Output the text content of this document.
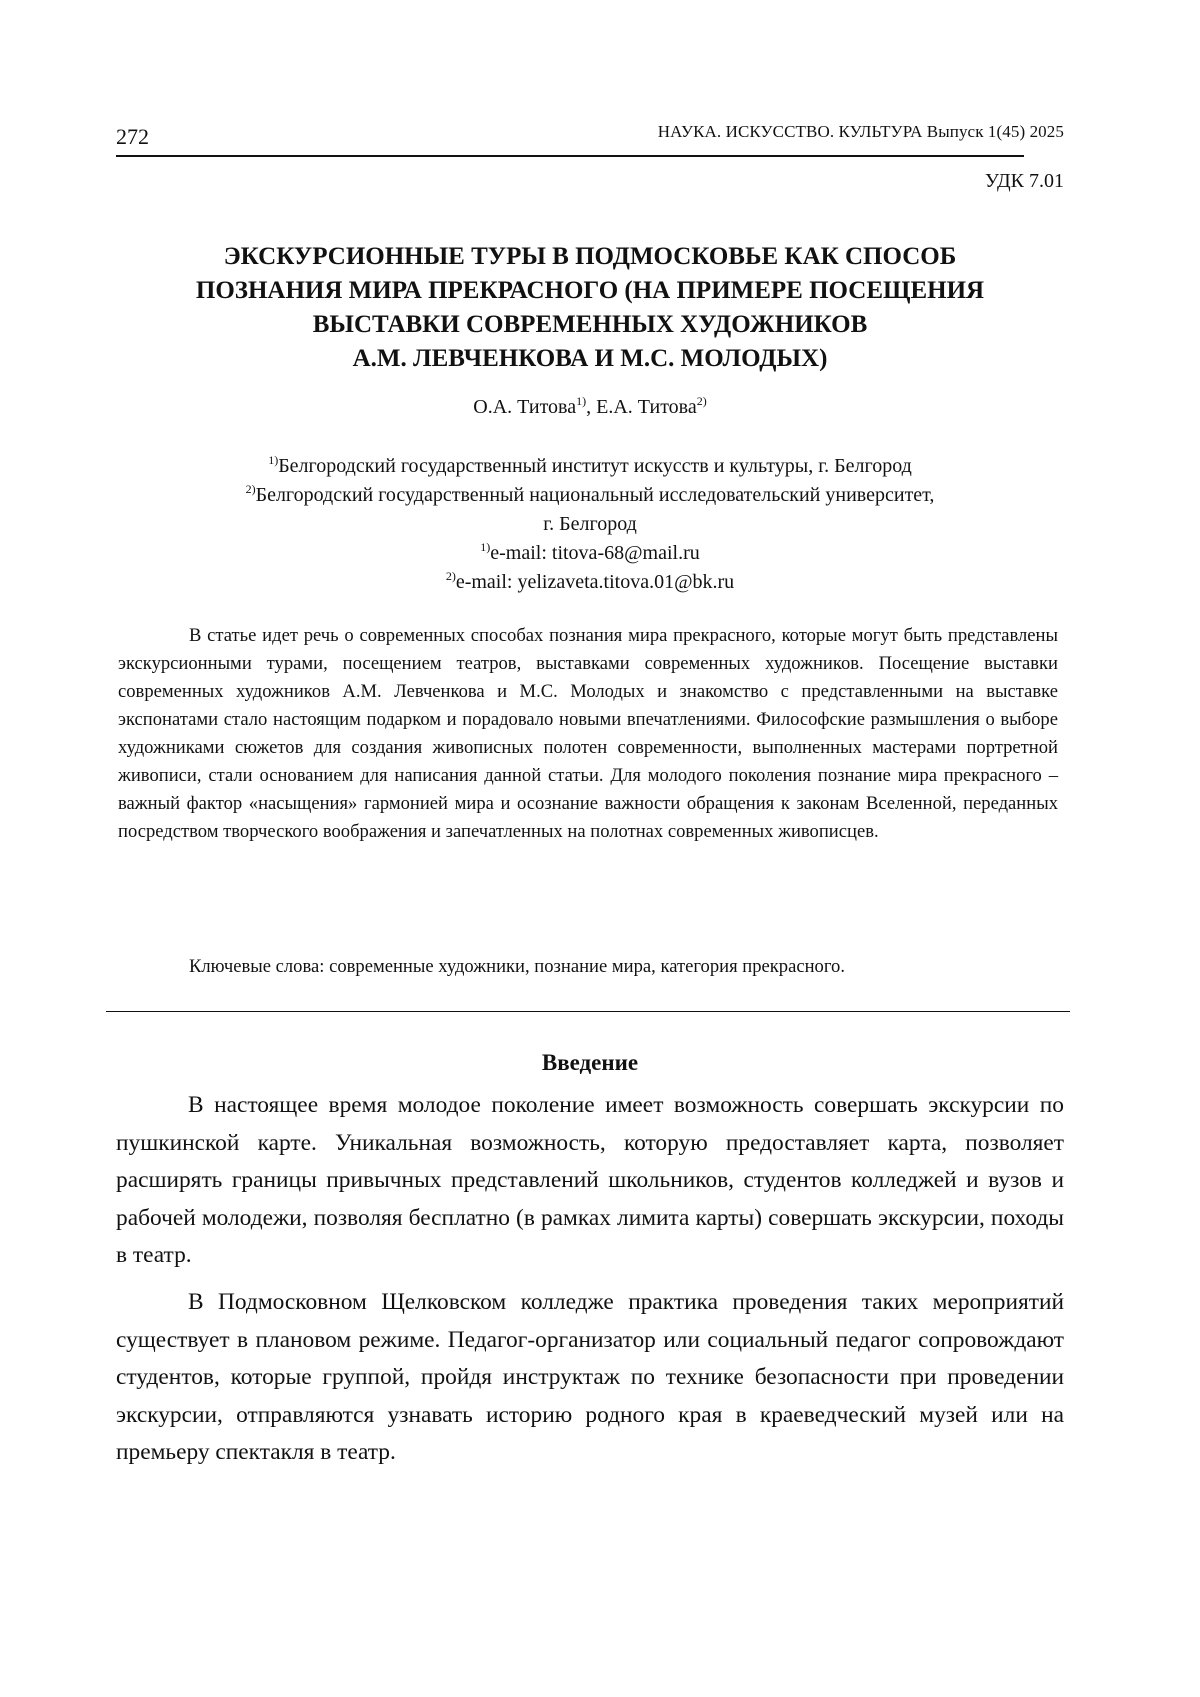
272	НАУКА. ИСКУССТВО. КУЛЬТУРА Выпуск 1(45) 2025
УДК 7.01
ЭКСКУРСИОННЫЕ ТУРЫ В ПОДМОСКОВЬЕ КАК СПОСОБ
ПОЗНАНИЯ МИРА ПРЕКРАСНОГО (НА ПРИМЕРЕ ПОСЕЩЕНИЯ
ВЫСТАВКИ СОВРЕМЕННЫХ ХУДОЖНИКОВ
А.М. ЛЕВЧЕНКОВА И М.С. МОЛОДЫХ)
О.А. Титова$^{1)}$, Е.А. Титова$^{2)}$
$^{1)}$Белгородский государственный институт искусств и культуры, г. Белгород
$^{2)}$Белгородский государственный национальный исследовательский университет,
г. Белгород
$^{1)}$e-mail: titova-68@mail.ru
$^{2)}$e-mail: yelizaveta.titova.01@bk.ru
В статье идет речь о современных способах познания мира прекрасного, которые могут быть представлены экскурсионными турами, посещением театров, выставками современных художников. Посещение выставки современных художников А.М. Левченкова и М.С. Молодых и знакомство с представленными на выставке экспонатами стало настоящим подарком и порадовало новыми впечатлениями. Философские размышления о выборе художниками сюжетов для создания живописных полотен современности, выполненных мастерами портретной живописи, стали основанием для написания данной статьи. Для молодого поколения познание мира прекрасного – важный фактор «насыщения» гармонией мира и осознание важности обращения к законам Вселенной, переданных посредством творческого воображения и запечатленных на полотнах современных живописцев.
Ключевые слова: современные художники, познание мира, категория прекрасного.
Введение

В настоящее время молодое поколение имеет возможность совершать экскурсии по пушкинской карте. Уникальная возможность, которую предоставляет карта, позволяет расширять границы привычных представлений школьников, студентов колледжей и вузов и рабочей молодежи, позволяя бесплатно (в рамках лимита карты) совершать экскурсии, походы в театр.

В Подмосковном Щелковском колледже практика проведения таких мероприятий существует в плановом режиме. Педагог-организатор или социальный педагог сопровождают студентов, которые группой, пройдя инструктаж по технике безопасности при проведении экскурсии, отправляются узнавать историю родного края в краеведческий музей или на премьеру спектакля в театр.
